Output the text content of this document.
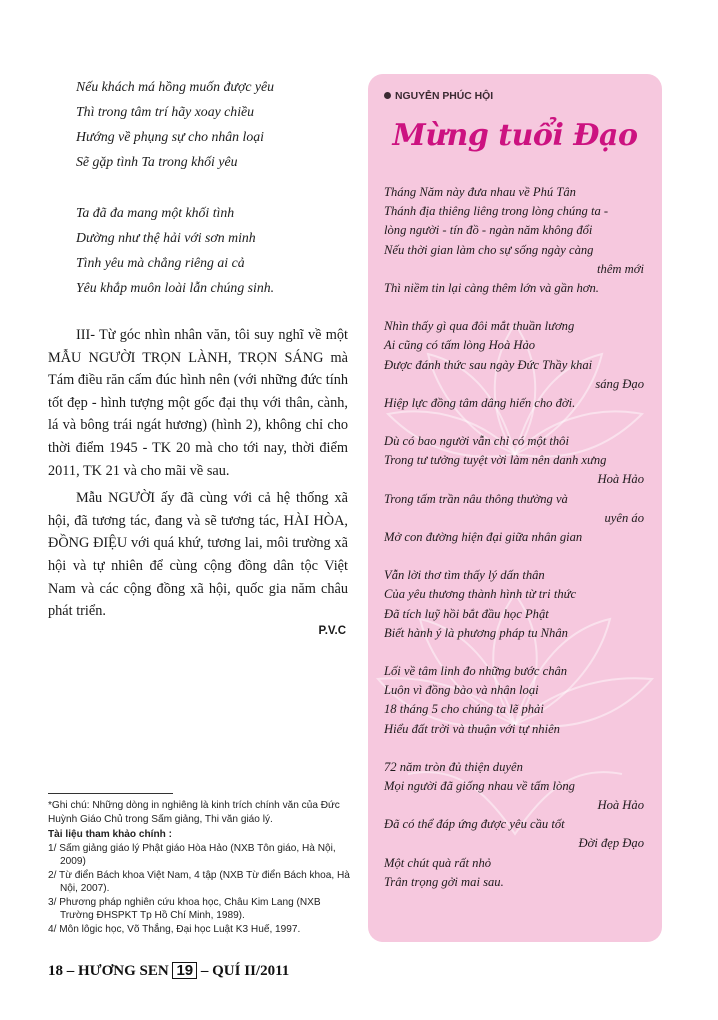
Nếu khách má hồng muốn được yêu
Thì trong tâm trí hãy xoay chiều
Hướng về phụng sự cho nhân loại
Sẽ gặp tình Ta trong khối yêu
Ta đã đa mang một khối tình
Dường như thệ hải với sơn minh
Tình yêu mà chẳng riêng ai cả
Yêu khắp muôn loài lẫn chúng sinh.

III- Từ góc nhìn nhân văn, tôi suy nghĩ về một MẪU NGƯỜI TRỌN LÀNH, TRỌN SÁNG mà Tám điều răn cấm đúc hình nên (với những đức tính tốt đẹp - hình tượng một gốc đại thụ với thân, cành, lá và bông trái ngát hương) (hình 2), không chỉ cho thời điểm 1945 - TK 20 mà cho tới nay, thời điểm 2011, TK 21 và cho mãi về sau.

Mẫu NGƯỜI ấy đã cùng với cả hệ thống xã hội, đã tương tác, đang và sẽ tương tác, HÀI HÒA, ĐỒNG ĐIỆU với quá khứ, tương lai, môi trường xã hội và tự nhiên để cùng cộng đồng dân tộc Việt Nam và các cộng đồng xã hội, quốc gia năm châu phát triển.

P.V.C

*Ghi chú: Những dòng in nghiêng là kinh trích chính văn của Đức Huỳnh Giáo Chủ trong Sấm giảng, Thi văn giáo lý.

Tài liệu tham khảo chính :

1/ Sấm giảng giáo lý Phật giáo Hòa Hảo (NXB Tôn giáo, Hà Nội, 2009)

2/ Từ điển Bách khoa Việt Nam, 4 tập (NXB Từ điển Bách khoa, Hà Nội, 2007).

3/ Phương pháp nghiên cứu khoa học, Châu Kim Lang (NXB Trường ĐHSPKT Tp Hồ Chí Minh, 1989).

4/ Môn lôgic học, Võ Thắng, Đại học Luật K3 Huế, 1997.

NGUYỄN PHÚC HỘI
Mừng tuổi Đạo
Tháng Năm này đưa nhau về Phú Tân
Thánh địa thiêng liêng trong lòng chúng ta -
lòng người - tín đồ - ngàn năm không đổi
Nếu thời gian làm cho sự sống ngày càng
thêm mới
Thì niềm tin lại càng thêm lớn và gần hơn.
Nhìn thấy gì qua đôi mắt thuần lương
Ai cũng có tấm lòng Hoà Hảo
Được đánh thức sau ngày Đức Thầy khai
sáng Đạo
Hiệp lực đồng tâm dâng hiến cho đời.
Dù có bao người vẫn chỉ có một thôi
Trong tư tưởng tuyệt vời làm nên danh xưng
Hoà Hảo
Trong tấm trần nâu thông thường và
uyên áo
Mở con đường hiện đại giữa nhân gian
Vẫn lời thơ tìm thấy lý dấn thân
Của yêu thương thành hình từ tri thức
Đã tích luỹ hồi bắt đầu học Phật
Biết hành ý là phương pháp tu Nhân
Lối về tâm linh đo những bước chân
Luôn vì đồng bào và nhân loại
18 tháng 5 cho chúng ta lẽ phải
Hiểu đất trời và thuận với tự nhiên
72 năm tròn đủ thiện duyên
Mọi người đã giống nhau về tấm lòng
Hoà Hảo
Đã có thể đáp ứng được yêu cầu tốt
Đời đẹp Đạo
Một chút quà rất nhỏ
Trân trọng gởi mai sau.
18 – HƯƠNG SEN 19 – QUÍ II/2011
